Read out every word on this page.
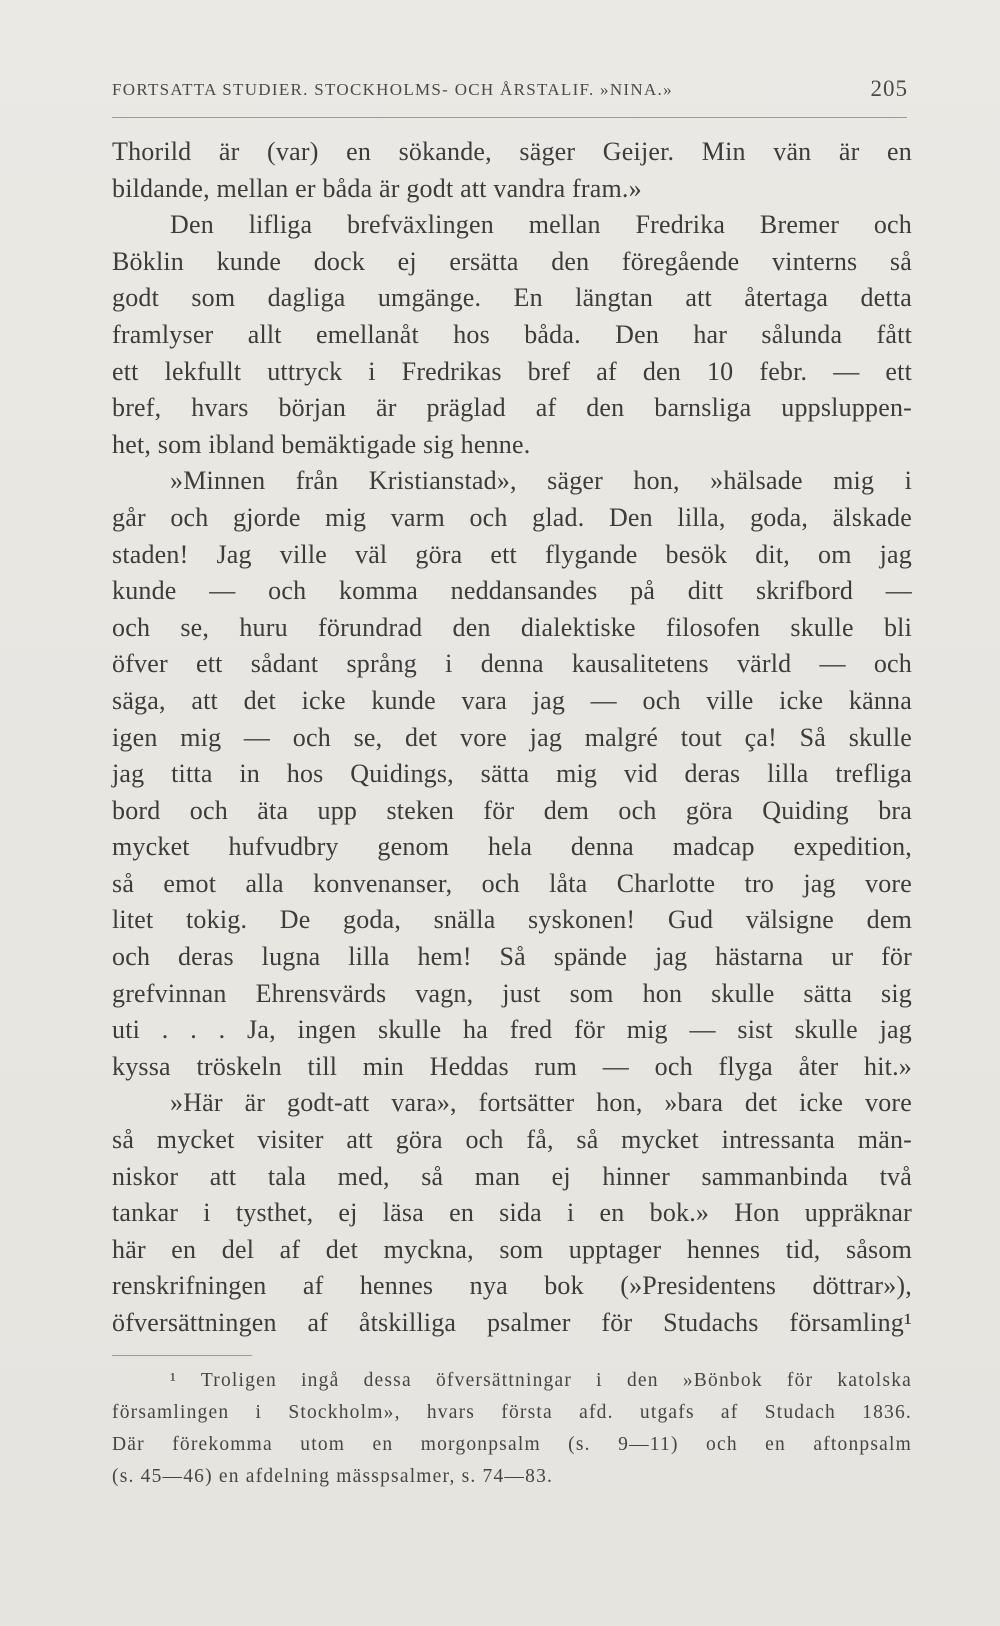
FORTSATTA STUDIER. STOCKHOLMS- OCH ÅRSTALIF. »NINA.»	205
Thorild är (var) en sökande, säger Geijer. Min vän är en
bildande, mellan er båda är godt att vandra fram.»
Den lifliga brefväxlingen mellan Fredrika Bremer och
Böklin kunde dock ej ersätta den föregående vinterns så
godt som dagliga umgänge. En längtan att återtaga detta
framlyser allt emellanåt hos båda. Den har sålunda fått
ett lekfullt uttryck i Fredrikas bref af den 10 febr. — ett
bref, hvars början är präglad af den barnsliga uppsluppen-
het, som ibland bemäktigade sig henne.
»Minnen från Kristianstad», säger hon, »hälsade mig i
går och gjorde mig varm och glad. Den lilla, goda, älskade
staden! Jag ville väl göra ett flygande besök dit, om jag
kunde — och komma neddansandes på ditt skrifbord —
och se, huru förundrad den dialektiske filosofen skulle bli
öfver ett sådant språng i denna kausalitetens värld — och
säga, att det icke kunde vara jag — och ville icke känna
igen mig — och se, det vore jag malgré tout ça! Så skulle
jag titta in hos Quidings, sätta mig vid deras lilla trefliga
bord och äta upp steken för dem och göra Quiding bra
mycket hufvudbry genom hela denna madcap expedition,
så emot alla konvenanser, och låta Charlotte tro jag vore
litet tokig. De goda, snälla syskonen! Gud välsigne dem
och deras lugna lilla hem! Så spände jag hästarna ur för
grefvinnan Ehrensvärds vagn, just som hon skulle sätta sig
uti . . . Ja, ingen skulle ha fred för mig — sist skulle jag
kyssa tröskeln till min Heddas rum — och flyga åter hit.»
»Här är godt-att vara», fortsätter hon, »bara det icke vore
så mycket visiter att göra och få, så mycket intressanta män-
niskor att tala med, så man ej hinner sammanbinda två
tankar i tysthet, ej läsa en sida i en bok.» Hon uppräknar
här en del af det myckna, som upptager hennes tid, såsom
renskrifningen af hennes nya bok (»Presidentens döttrar»),
öfversättningen af åtskilliga psalmer för Studachs församling¹
¹ Troligen ingå dessa öfversättningar i den »Bönbok för katolska
församlingen i Stockholm», hvars första afd. utgafs af Studach 1836.
Där förekomma utom en morgonpsalm (s. 9—11) och en aftonpsalm
(s. 45—46) en afdelning mässpsalmer, s. 74—83.
